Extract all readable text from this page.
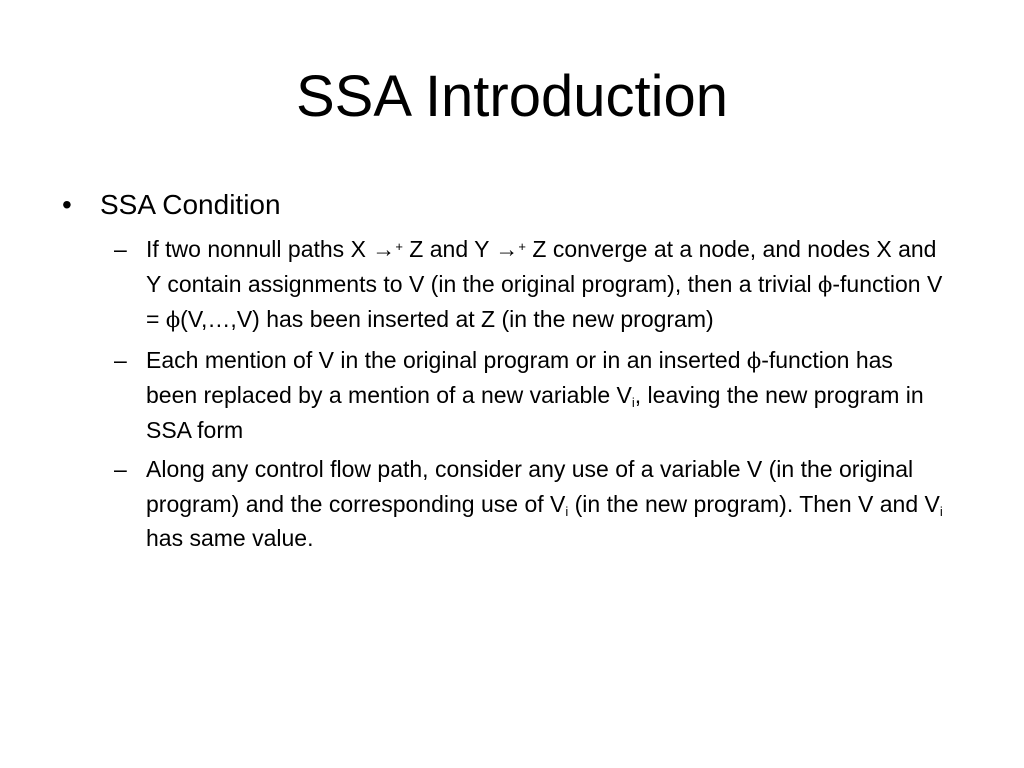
SSA Introduction
• SSA Condition
– If two nonnull paths X →+ Z and Y →+ Z converge at a node, and nodes X and Y contain assignments to V (in the original program), then a trivial ϕ-function V = ϕ(V,…,V) has been inserted at Z (in the new program)
– Each mention of V in the original program or in an inserted ϕ-function has been replaced by a mention of a new variable $V_i$, leaving the new program in SSA form
– Along any control flow path, consider any use of a variable V (in the original program) and the corresponding use of $V_i$ (in the new program). Then V and $V_i$ has same value.
